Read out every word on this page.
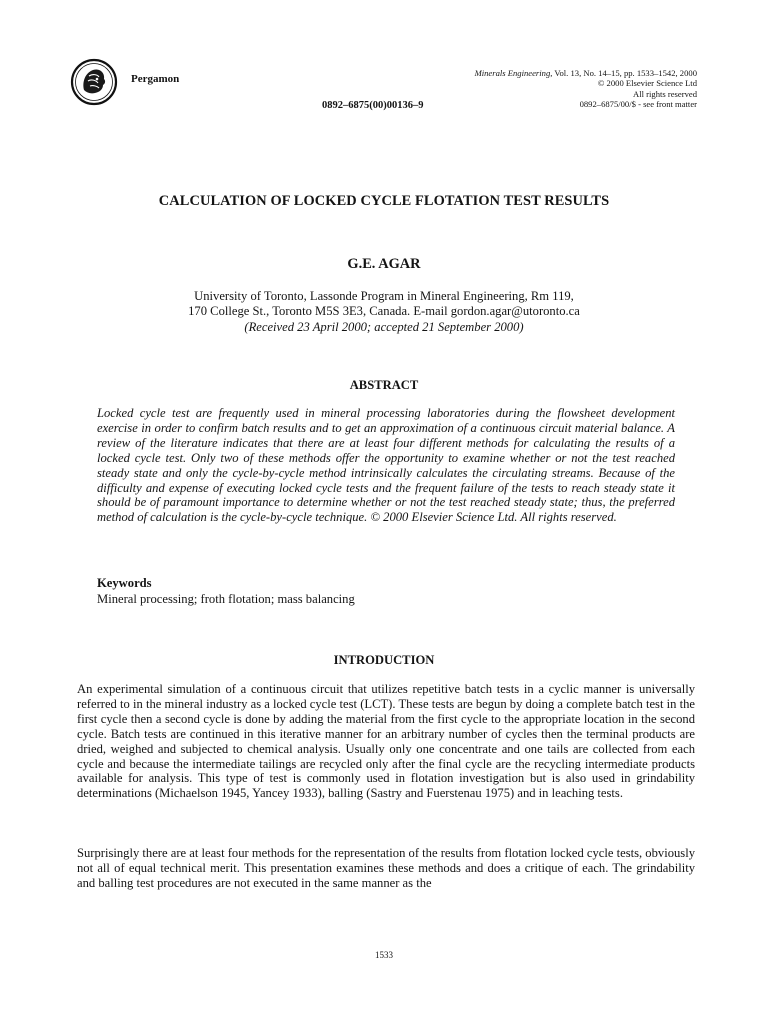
Pergamon	Minerals Engineering, Vol. 13, No. 14–15, pp. 1533–1542, 2000
© 2000 Elsevier Science Ltd
All rights reserved
0892–6875/00/$ - see front matter
0892–6875(00)00136–9
CALCULATION OF LOCKED CYCLE FLOTATION TEST RESULTS
G.E. AGAR
University of Toronto, Lassonde Program in Mineral Engineering, Rm 119,
170 College St., Toronto M5S 3E3, Canada. E-mail gordon.agar@utoronto.ca
(Received 23 April 2000; accepted 21 September 2000)
ABSTRACT
Locked cycle test are frequently used in mineral processing laboratories during the flowsheet development exercise in order to confirm batch results and to get an approximation of a continuous circuit material balance. A review of the literature indicates that there are at least four different methods for calculating the results of a locked cycle test. Only two of these methods offer the opportunity to examine whether or not the test reached steady state and only the cycle-by-cycle method intrinsically calculates the circulating streams. Because of the difficulty and expense of executing locked cycle tests and the frequent failure of the tests to reach steady state it should be of paramount importance to determine whether or not the test reached steady state; thus, the preferred method of calculation is the cycle-by-cycle technique. © 2000 Elsevier Science Ltd. All rights reserved.
Keywords
Mineral processing; froth flotation; mass balancing
INTRODUCTION
An experimental simulation of a continuous circuit that utilizes repetitive batch tests in a cyclic manner is universally referred to in the mineral industry as a locked cycle test (LCT). These tests are begun by doing a complete batch test in the first cycle then a second cycle is done by adding the material from the first cycle to the appropriate location in the second cycle. Batch tests are continued in this iterative manner for an arbitrary number of cycles then the terminal products are dried, weighed and subjected to chemical analysis. Usually only one concentrate and one tails are collected from each cycle and because the intermediate tailings are recycled only after the final cycle are the recycling intermediate products available for analysis. This type of test is commonly used in flotation investigation but is also used in grindability determinations (Michaelson 1945, Yancey 1933), balling (Sastry and Fuerstenau 1975) and in leaching tests.
Surprisingly there are at least four methods for the representation of the results from flotation locked cycle tests, obviously not all of equal technical merit. This presentation examines these methods and does a critique of each. The grindability and balling test procedures are not executed in the same manner as the
1533
